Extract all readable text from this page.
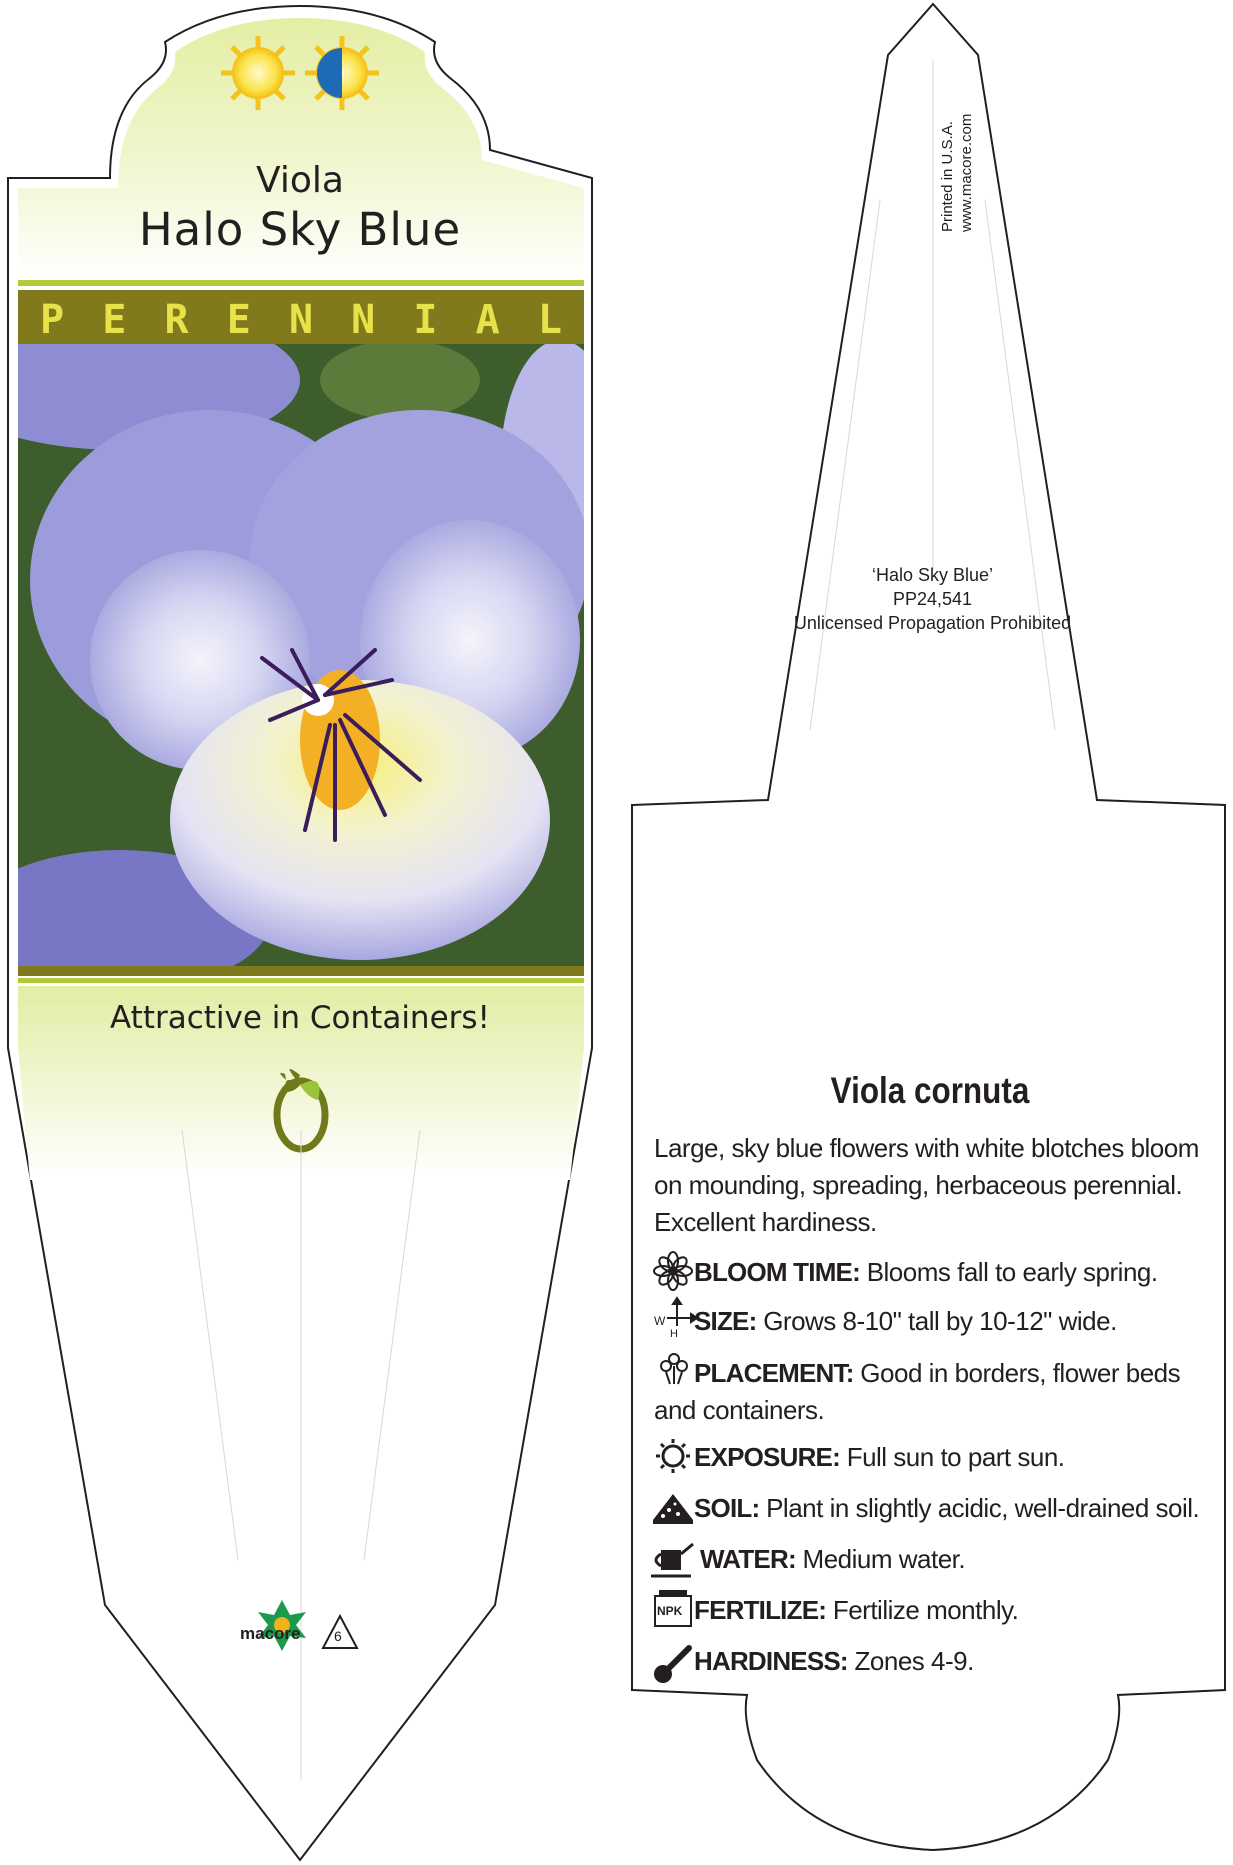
Viola
Halo Sky Blue
P E R E N N I A L
Attractive in Containers!
macore 6
Printed in U.S.A. www.macore.com
‘Halo Sky Blue’
PP24,541
Unlicensed Propagation Prohibited
Viola cornuta
Large, sky blue flowers with white blotches bloom on mounding, spreading, herbaceous perennial. Excellent hardiness.
BLOOM TIME: Blooms fall to early spring.
SIZE: Grows 8-10" tall by 10-12" wide.
PLACEMENT: Good in borders, flower beds and containers.
EXPOSURE: Full sun to part sun.
SOIL: Plant in slightly acidic, well-drained soil.
WATER: Medium water.
FERTILIZE: Fertilize monthly.
HARDINESS: Zones 4-9.
W
H
NPK
